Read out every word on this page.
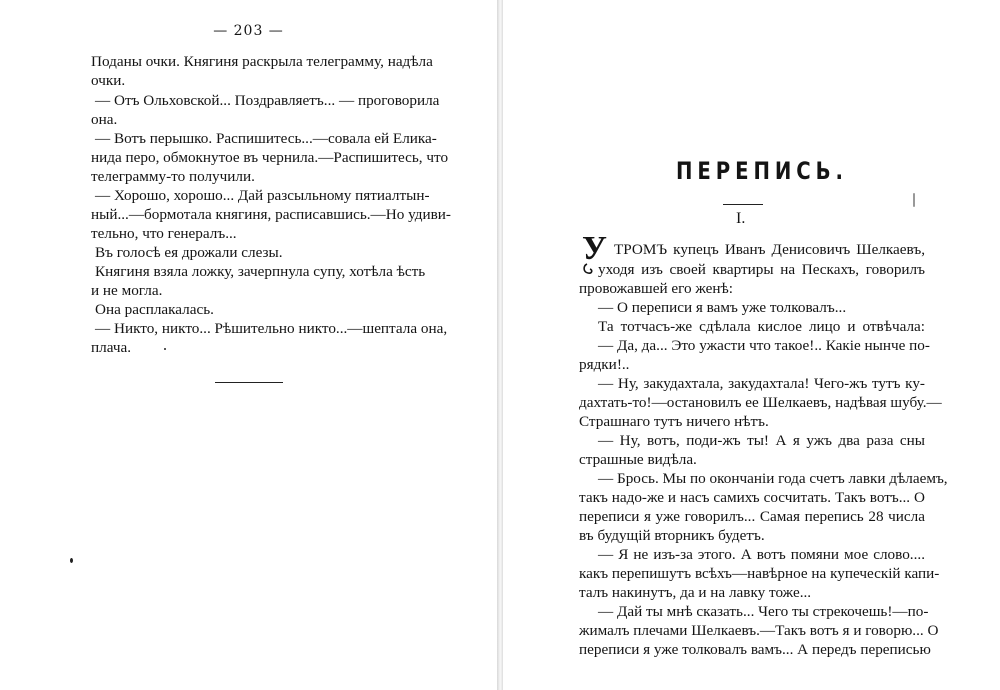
— 203 —
Поданы очки. Княгиня раскрыла телеграмму, надѣла
очки.
— Отъ Ольховской... Поздравляетъ... — проговорила
она.
— Вотъ перышко. Распишитесь...—совала ей Елика-
нида перо, обмокнутое въ чернила.—Распишитесь, что
телеграмму-то получили.
— Хорошо, хорошо... Дай разсыльному пятиалтын-
ный...—бормотала княгиня, расписавшись.—Но удиви-
тельно, что генералъ...
Въ голосѣ ея дрожали слезы.
Княгиня взяла ложку, зачерпнула супу, хотѣла ѣсть
и не могла.
Она расплакалась.
— Никто, никто... Рѣшительно никто...—шептала она,
плача.
ПЕРЕПИСЬ.
I.
У ТРОМЪ купецъ Иванъ Денисовичъ Шелкаевъ,
уходя изъ своей квартиры на Пескахъ, говорилъ
провожавшей его женѣ:
— О переписи я вамъ уже толковалъ...
Та тотчасъ-же сдѣлала кислое лицо и отвѣчала:
— Да, да... Это ужасти что такое!.. Какіе нынче по-
рядки!..
— Ну, закудахтала, закудахтала! Чего-жъ тутъ ку-
дахтать-то!—остановилъ ее Шелкаевъ, надѣвая шубу.—
Страшнаго тутъ ничего нѣтъ.
— Ну, вотъ, поди-жъ ты! А я ужъ два раза сны
страшные видѣла.
— Брось. Мы по окончаніи года счетъ лавки дѣлаемъ,
такъ надо-же и насъ самихъ сосчитать. Такъ вотъ... О
переписи я уже говорилъ... Самая перепись 28 числа
въ будущій вторникъ будетъ.
— Я не изъ-за этого. А вотъ помяни мое слово....
какъ перепишутъ всѣхъ—навѣрное на купеческій капи-
талъ накинутъ, да и на лавку тоже...
— Дай ты мнѣ сказать... Чего ты стрекочешь!—по-
жималъ плечами Шелкаевъ.—Такъ вотъ я и говорю... О
переписи я уже толковалъ вамъ... А передъ переписью
